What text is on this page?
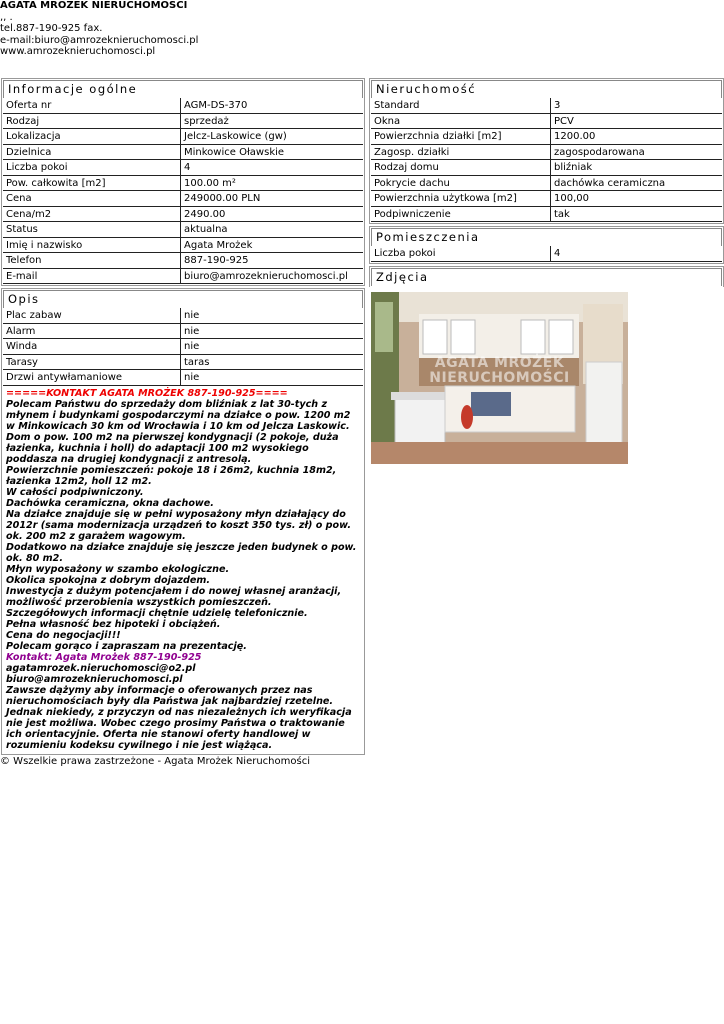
AGATA MROŻEK NIERUCHOMOŚCI
,, .
tel.887-190-925 fax.
e-mail:biuro@amrozeknieruchomosci.pl
www.amrozeknieruchomosci.pl
Informacje ogólne
Oferta nr	AGM-DS-370
Rodzaj	sprzedaż
Lokalizacja	Jelcz-Laskowice (gw)
Dzielnica	Minkowice Oławskie
Liczba pokoi	4
Pow. całkowita [m2]	100.00 m²
Cena	249000.00 PLN
Cena/m2	2490.00
Status	aktualna
Imię i nazwisko	Agata Mrożek
Telefon	887-190-925
E-mail	biuro@amrozeknieruchomosci.pl
Opis
Plac zabaw	nie
Alarm	nie
Winda	nie
Tarasy	taras
Drzwi antywłamaniowe	nie
=====KONTAKT AGATA MROŻEK 887-190-925====
Polecam Państwu do sprzedaży dom bliźniak z lat 30-tych z młynem i budynkami gospodarczymi na działce o pow. 1200 m2 w Minkowicach 30 km od Wrocławia i 10 km od Jelcza Laskowic.
Dom o pow. 100 m2 na pierwszej kondygnacji (2 pokoje, duża łazienka, kuchnia i holl) do adaptacji 100 m2 wysokiego poddasza na drugiej kondygnacji z antresolą.
Powierzchnie pomieszczeń: pokoje 18 i 26m2, kuchnia 18m2, łazienka 12m2, holl 12 m2.
W całości podpiwniczony.
Dachówka ceramiczna, okna dachowe.
Na działce znajduje się w pełni wyposażony młyn działający do 2012r (sama modernizacja urządzeń to koszt 350 tys. zł) o pow. ok. 200 m2 z garażem wagowym.
Dodatkowo na działce znajduje się jeszcze jeden budynek o pow. ok. 80 m2.
Młyn wyposażony w szambo ekologiczne.
Okolica spokojna z dobrym dojazdem.
Inwestycja z dużym potencjałem i do nowej własnej aranżacji, możliwość przerobienia wszystkich pomieszczeń.
Szczegółowych informacji chętnie udzielę telefonicznie.
Pełna własność bez hipoteki i obciążeń.
Cena do negocjacji!!!
Polecam gorąco i zapraszam na prezentację.
Kontakt: Agata Mrożek 887-190-925
agatamrozek.nieruchomosci@o2.pl
biuro@amrozeknieruchomosci.pl
Zawsze dążymy aby informacje o oferowanych przez nas nieruchomościach były dla Państwa jak najbardziej rzetelne. Jednak niekiedy, z przyczyn od nas niezależnych ich weryfikacja nie jest możliwa. Wobec czego prosimy Państwa o traktowanie ich orientacyjnie. Oferta nie stanowi oferty handlowej w rozumieniu kodeksu cywilnego i nie jest wiążąca.
Nieruchomość
Standard	3
Okna	PCV
Powierzchnia działki [m2]	1200.00
Zagosp. działki	zagospodarowana
Rodzaj domu	bliźniak
Pokrycie dachu	dachówka ceramiczna
Powierzchnia użytkowa [m2]	100,00
Podpiwniczenie	tak
Pomieszczenia
Liczba pokoi	4
Zdjęcia
AGATA MROŻEK
NIERUCHOMOŚCI
© Wszelkie prawa zastrzeżone - Agata Mrożek Nieruchomości
